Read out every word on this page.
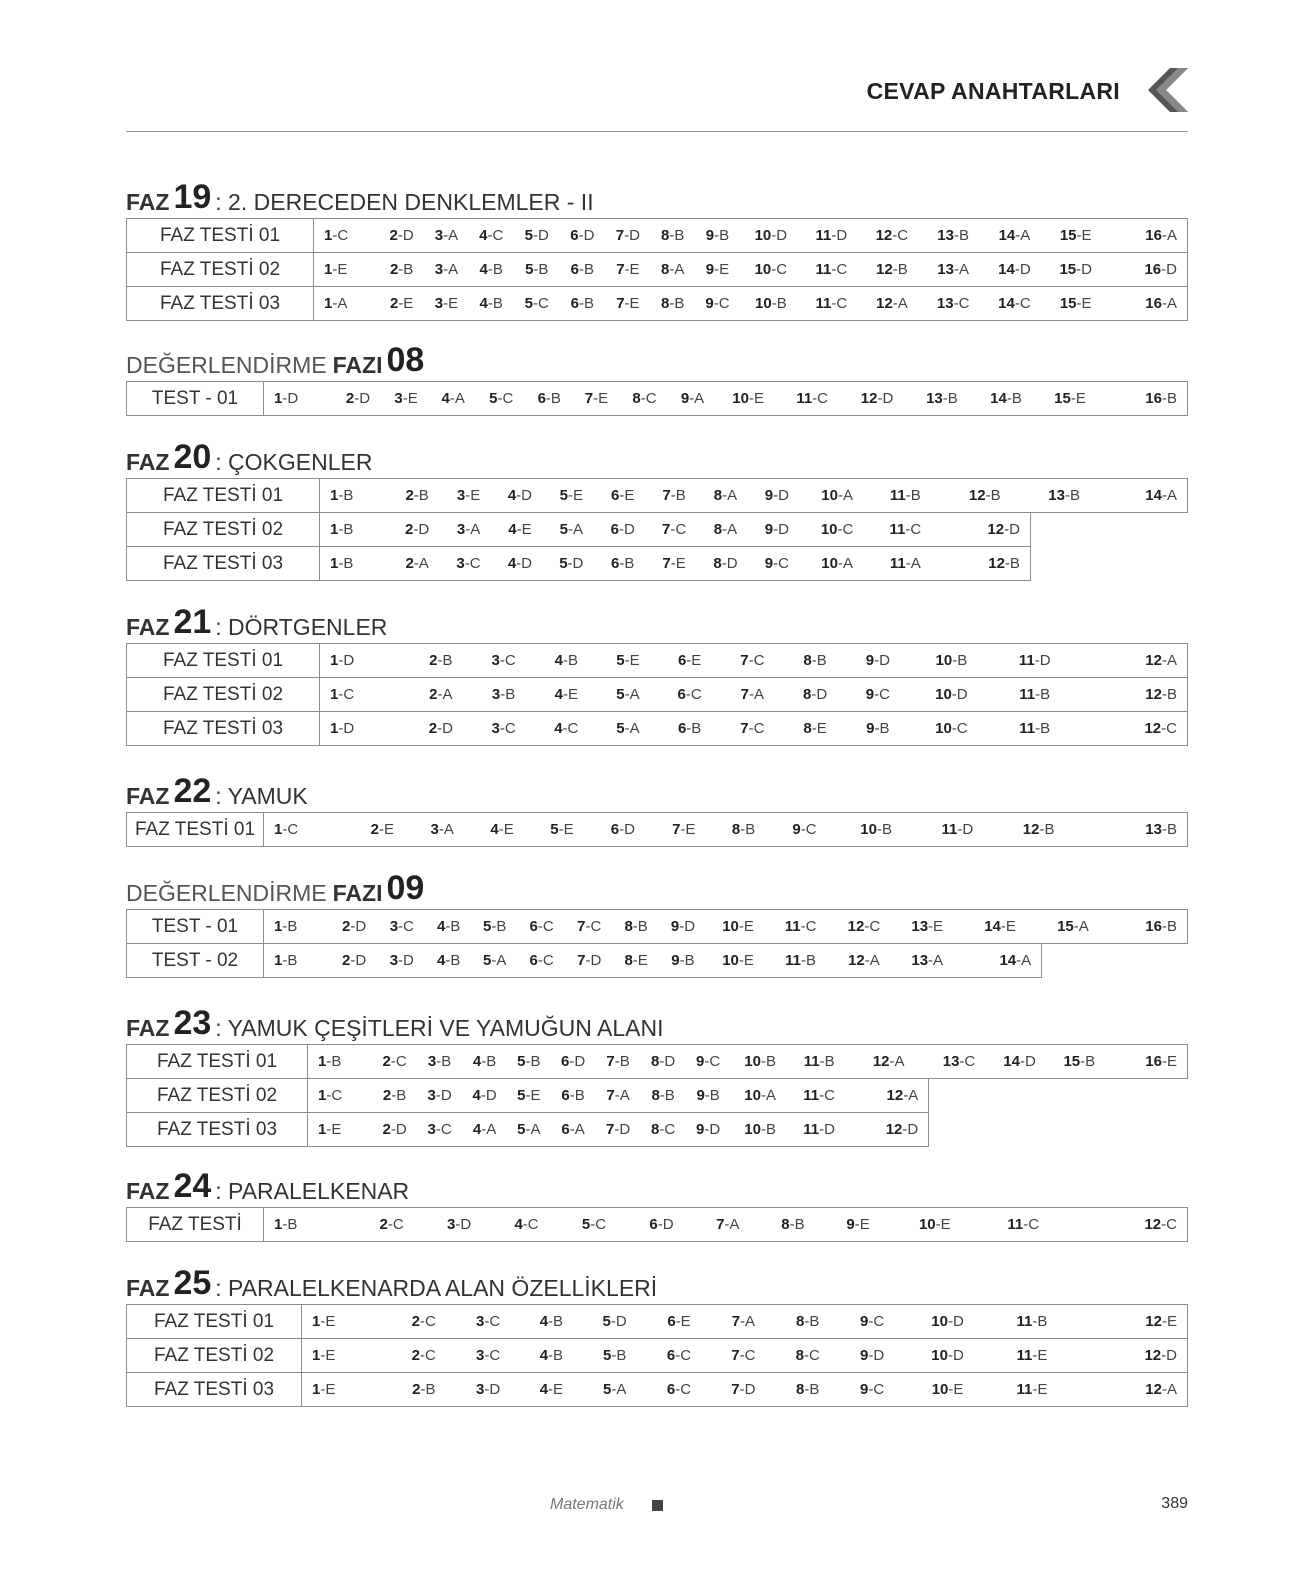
CEVAP ANAHTARLARI
FAZ 19 : 2. DERECEDEN DENKLEMLER - II
FAZ TESTİ 01	1-C	2-D	3-A	4-C	5-D	6-D	7-D	8-B	9-B	10-D	11-D	12-C	13-B	14-A	15-E	16-A
FAZ TESTİ 02	1-E	2-B	3-A	4-B	5-B	6-B	7-E	8-A	9-E	10-C	11-C	12-B	13-A	14-D	15-D	16-D
FAZ TESTİ 03	1-A	2-E	3-E	4-B	5-C	6-B	7-E	8-B	9-C	10-B	11-C	12-A	13-C	14-C	15-E	16-A
DEĞERLENDİRME FAZI 08
TEST - 01	1-D	2-D	3-E	4-A	5-C	6-B	7-E	8-C	9-A	10-E	11-C	12-D	13-B	14-B	15-E	16-B
FAZ 20 : ÇOKGENLER
FAZ TESTİ 01	1-B	2-B	3-E	4-D	5-E	6-E	7-B	8-A	9-D	10-A	11-B	12-B	13-B	14-A
FAZ TESTİ 02	1-B	2-D	3-A	4-E	5-A	6-D	7-C	8-A	9-D	10-C	11-C	12-D		
FAZ TESTİ 03	1-B	2-A	3-C	4-D	5-D	6-B	7-E	8-D	9-C	10-A	11-A	12-B		
FAZ 21 : DÖRTGENLER
FAZ TESTİ 01	1-D	2-B	3-C	4-B	5-E	6-E	7-C	8-B	9-D	10-B	11-D	12-A
FAZ TESTİ 02	1-C	2-A	3-B	4-E	5-A	6-C	7-A	8-D	9-C	10-D	11-B	12-B
FAZ TESTİ 03	1-D	2-D	3-C	4-C	5-A	6-B	7-C	8-E	9-B	10-C	11-B	12-C
FAZ 22 : YAMUK
FAZ TESTİ 01	1-C	2-E	3-A	4-E	5-E	6-D	7-E	8-B	9-C	10-B	11-D	12-B	13-B
DEĞERLENDİRME FAZI 09
TEST - 01	1-B	2-D	3-C	4-B	5-B	6-C	7-C	8-B	9-D	10-E	11-C	12-C	13-E	14-E	15-A	16-B
TEST - 02	1-B	2-D	3-D	4-B	5-A	6-C	7-D	8-E	9-B	10-E	11-B	12-A	13-A	14-A		
FAZ 23 : YAMUK ÇEŞİTLERİ VE YAMUĞUN ALANI
FAZ TESTİ 01	1-B	2-C	3-B	4-B	5-B	6-D	7-B	8-D	9-C	10-B	11-B	12-A	13-C	14-D	15-B	16-E
FAZ TESTİ 02	1-C	2-B	3-D	4-D	5-E	6-B	7-A	8-B	9-B	10-A	11-C	12-A				
FAZ TESTİ 03	1-E	2-D	3-C	4-A	5-A	6-A	7-D	8-C	9-D	10-B	11-D	12-D				
FAZ 24 : PARALELKENAR
FAZ TESTİ	1-B	2-C	3-D	4-C	5-C	6-D	7-A	8-B	9-E	10-E	11-C	12-C
FAZ 25 : PARALELKENARDA ALAN ÖZELLİKLERİ
FAZ TESTİ 01	1-E	2-C	3-C	4-B	5-D	6-E	7-A	8-B	9-C	10-D	11-B	12-E
FAZ TESTİ 02	1-E	2-C	3-C	4-B	5-B	6-C	7-C	8-C	9-D	10-D	11-E	12-D
FAZ TESTİ 03	1-E	2-B	3-D	4-E	5-A	6-C	7-D	8-B	9-C	10-E	11-E	12-A
Matematik	389
